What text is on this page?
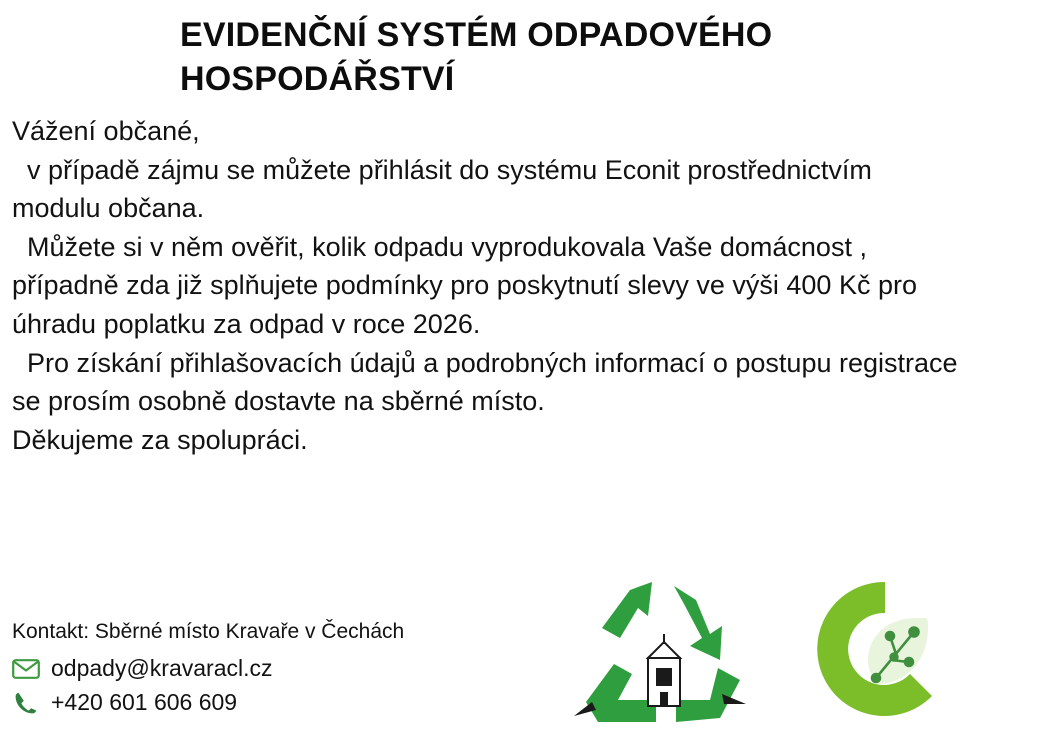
EVIDENČNÍ SYSTÉM ODPADOVÉHO HOSPODÁŘSTVÍ

Vážení občané,

v případě zájmu se můžete přihlásit do systému Econit prostřednictvím modulu občana.

Můžete si v něm ověřit, kolik odpadu vyprodukovala Vaše domácnost , případně zda již splňujete podmínky pro poskytnutí slevy ve výši 400 Kč pro úhradu poplatku za odpad v roce 2026.

Pro získání přihlašovacích údajů a podrobných informací o postupu registrace se prosím osobně dostavte na sběrné místo.

Děkujeme za spolupráci.

Kontakt: Sběrné místo Kravaře v Čechách
odpady@kravaracl.cz
+420 601 606 609
